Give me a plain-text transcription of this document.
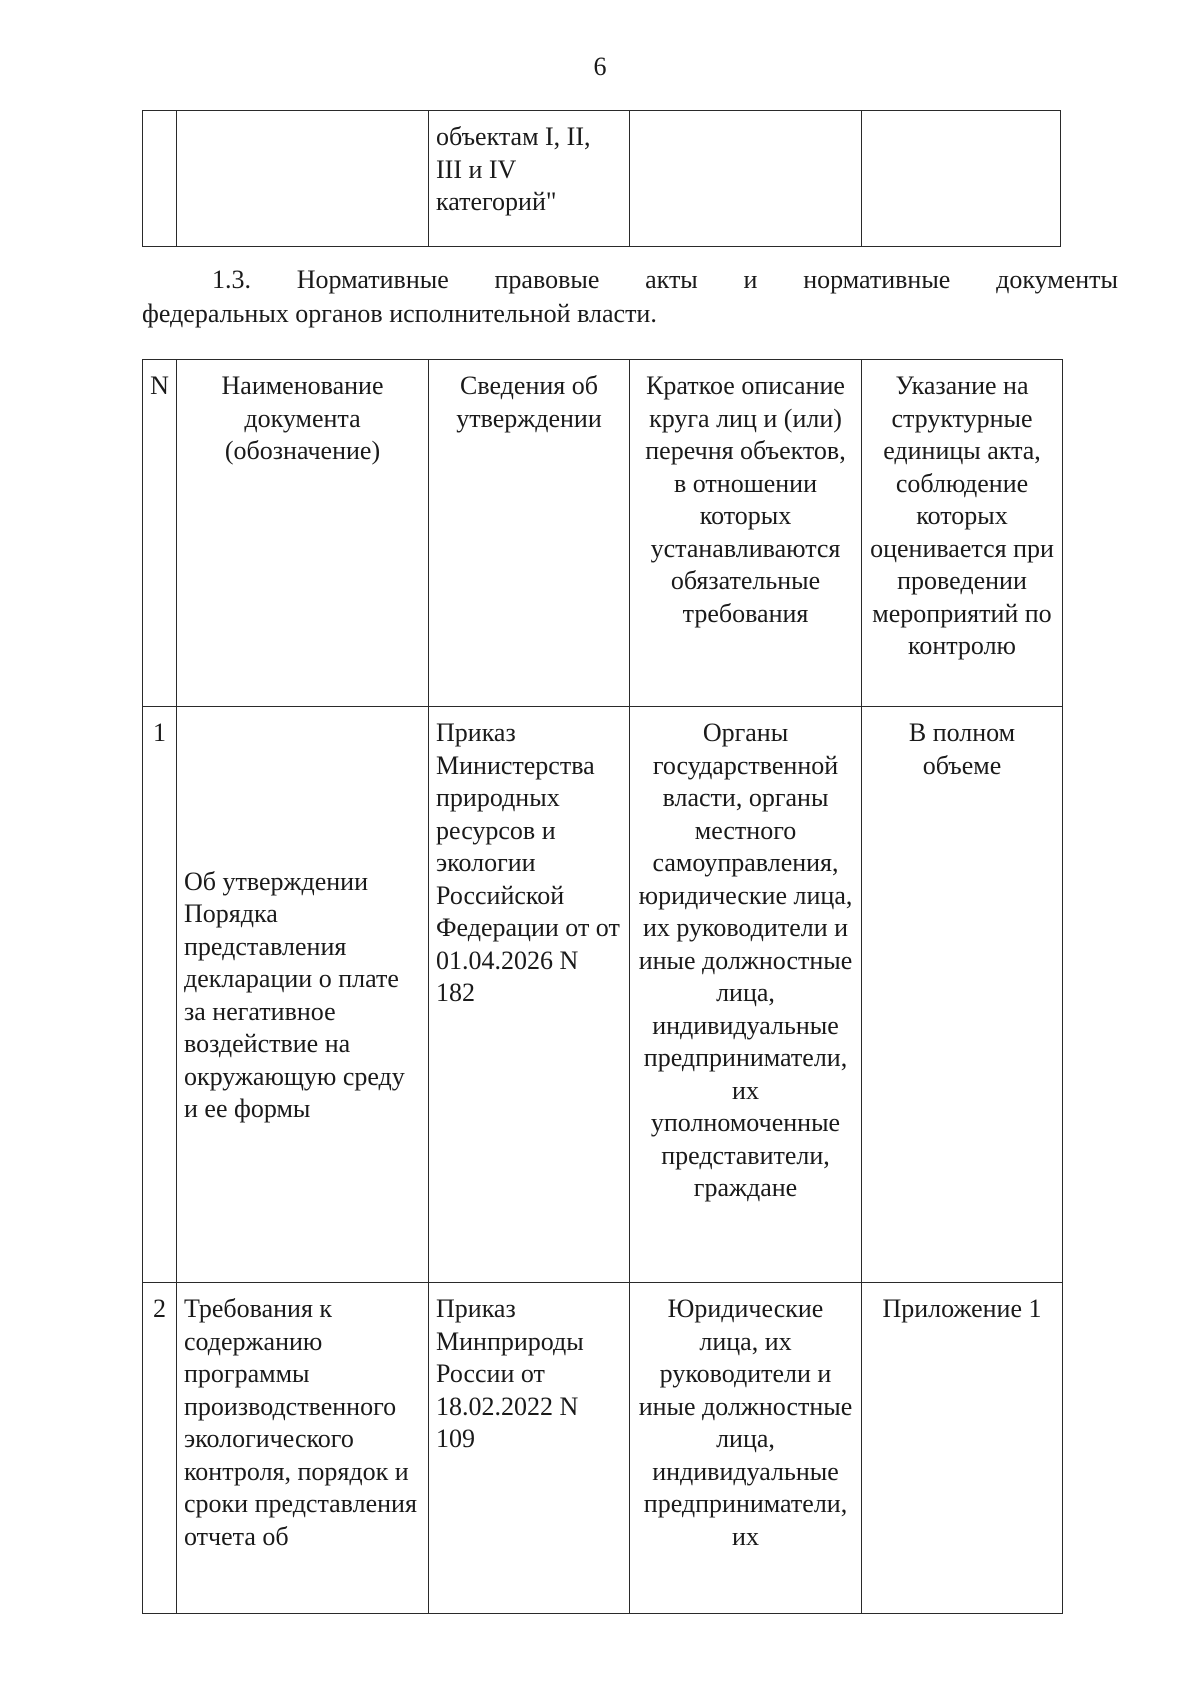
6
		объектам I, II,
III и IV
категорий"		
1.3. Нормативные правовые акты и нормативные документы
федеральных органов исполнительной власти.
N	Наименование документа (обозначение)	Сведения об утверждении	Краткое описание круга лиц и (или) перечня объектов, в отношении которых устанавливаются обязательные требования	Указание на структурные единицы акта, соблюдение которых оценивается при проведении мероприятий по контролю
1	Об утверждении Порядка представления декларации о плате за негативное воздействие на окружающую среду и ее формы	Приказ Министерства природных ресурсов и экологии Российской Федерации от от 01.04.2026 N 182	Органы государственной власти, органы местного самоуправления, юридические лица, их руководители и иные должностные лица, индивидуальные предприниматели, их уполномоченные представители, граждане	В полном объеме
2	Требования к содержанию программы производственного экологического контроля, порядок и сроки представления отчета об	Приказ Минприроды России от 18.02.2022 N 109	Юридические лица, их руководители и иные должностные лица, индивидуальные предприниматели, их	Приложение 1
